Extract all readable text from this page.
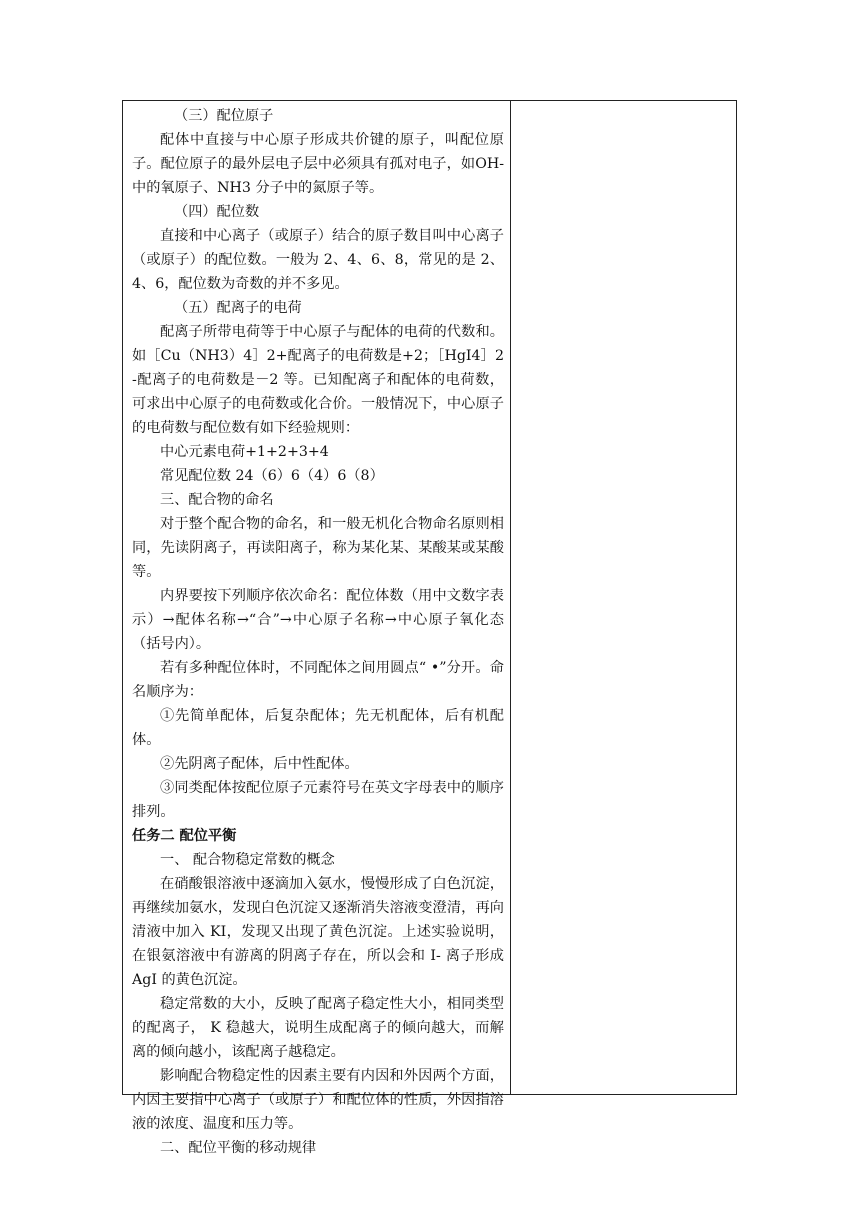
（三）配位原子

配体中直接与中心原子形成共价键的原子，叫配位原子。配位原子的最外层电子层中必须具有孤对电子，如OH-中的氧原子、NH3 分子中的氮原子等。

（四）配位数

直接和中心离子（或原子）结合的原子数目叫中心离子（或原子）的配位数。一般为 2、4、6、8，常见的是 2、4、6，配位数为奇数的并不多见。

（五）配离子的电荷

配离子所带电荷等于中心原子与配体的电荷的代数和。如［Cu（NH3）4］2+配离子的电荷数是+2；［HgI4］2-配离子的电荷数是－2 等。已知配离子和配体的电荷数，可求出中心原子的电荷数或化合价。一般情况下，中心原子的电荷数与配位数有如下经验规则：

中心元素电荷+1+2+3+4

常见配位数 24（6）6（4）6（8）

三、配合物的命名

对于整个配合物的命名，和一般无机化合物命名原则相同，先读阴离子，再读阳离子，称为某化某、某酸某或某酸等。

内界要按下列顺序依次命名：配位体数（用中文数字表示）→配体名称→“合”→中心原子名称→中心原子氧化态（括号内）。

若有多种配位体时，不同配体之间用圆点“ •”分开。命名顺序为：

①先简单配体，后复杂配体；先无机配体，后有机配体。

②先阴离子配体，后中性配体。

③同类配体按配位原子元素符号在英文字母表中的顺序排列。

任务二 配位平衡

一、 配合物稳定常数的概念

在硝酸银溶液中逐滴加入氨水，慢慢形成了白色沉淀，再继续加氨水，发现白色沉淀又逐渐消失溶液变澄清，再向清液中加入 KI，发现又出现了黄色沉淀。上述实验说明，在银氨溶液中有游离的阴离子存在，所以会和 I- 离子形成 AgI 的黄色沉淀。

稳定常数的大小，反映了配离子稳定性大小，相同类型的配离子， K 稳越大，说明生成配离子的倾向越大，而解离的倾向越小，该配离子越稳定。

影响配合物稳定性的因素主要有内因和外因两个方面，内因主要指中心离子（或原子）和配位体的性质，外因指溶液的浓度、温度和压力等。

二、配位平衡的移动规律
